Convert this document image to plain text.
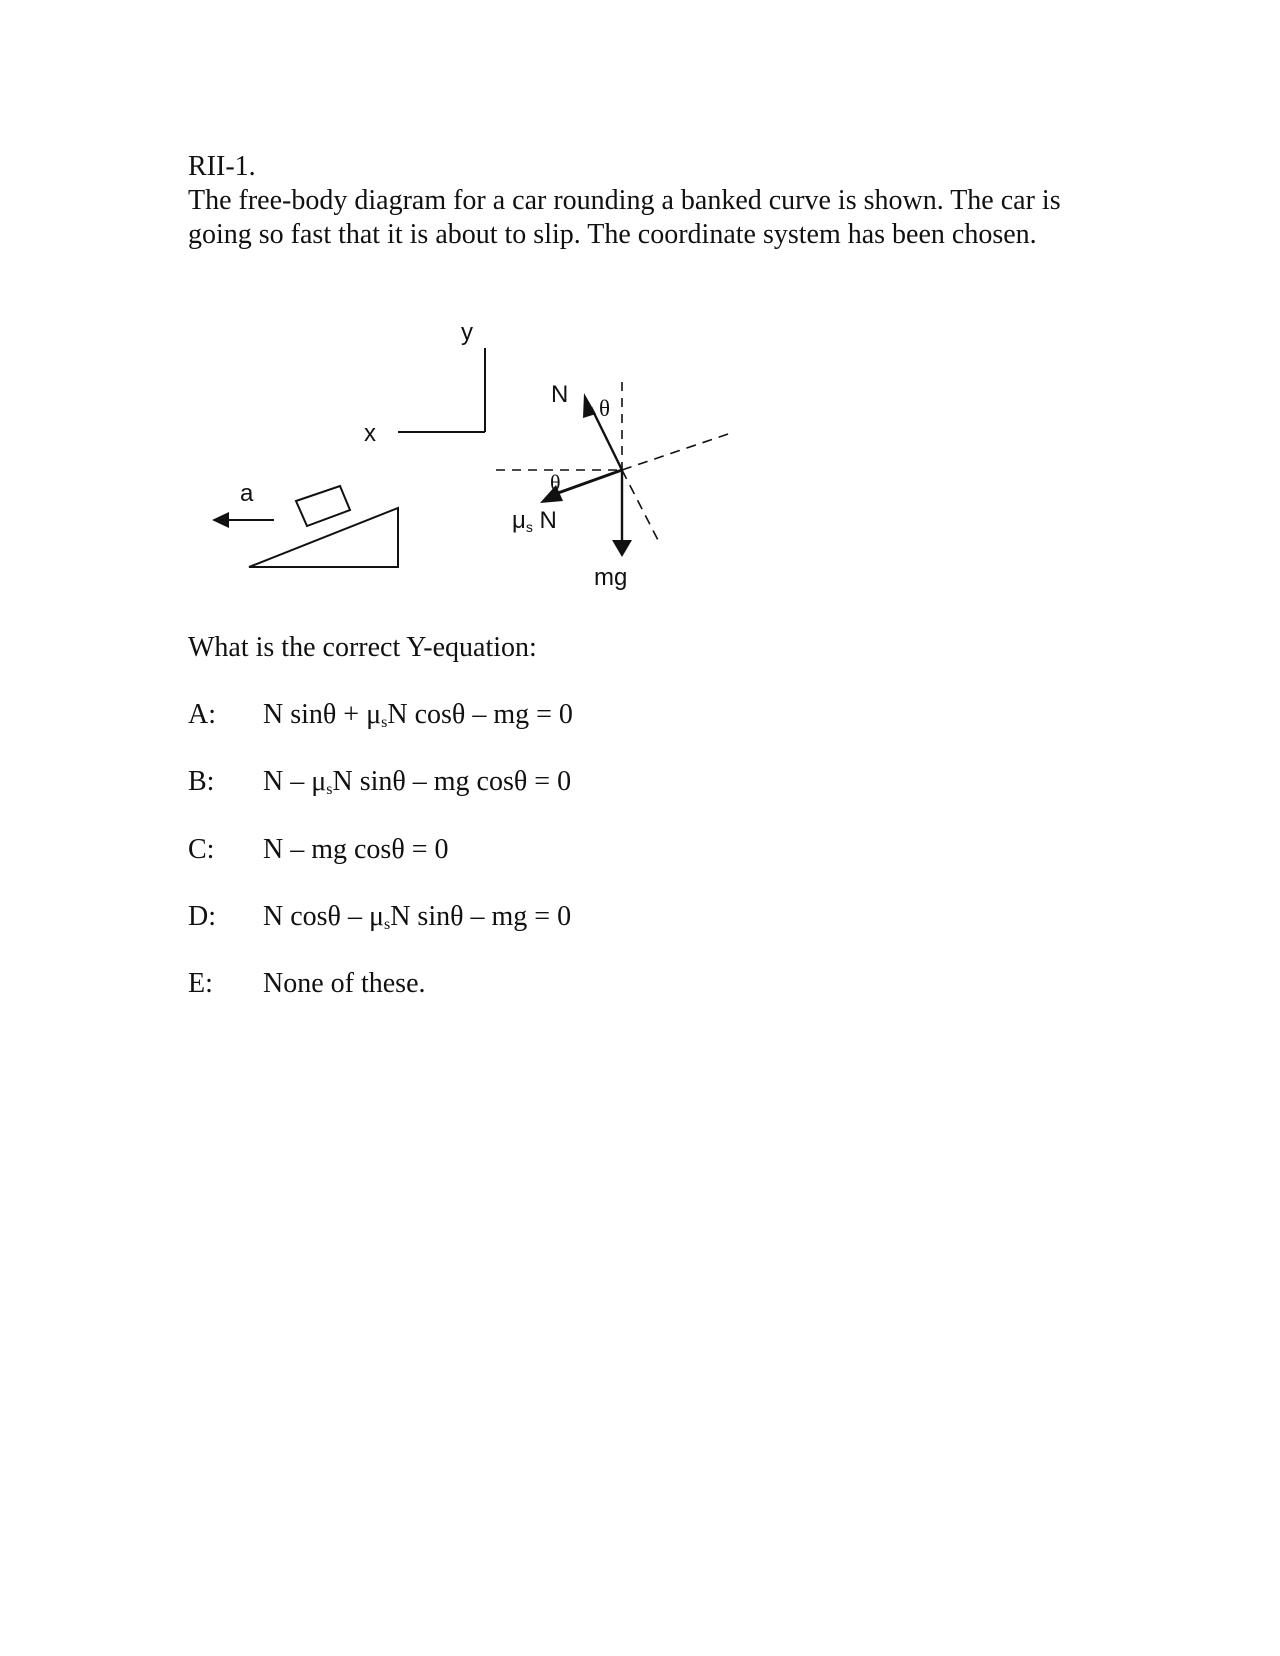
RII-1.
The free-body diagram for a car rounding a banked curve is shown. The car is going so fast that it is about to slip. The coordinate system has been chosen.
y
x
a
N
θ
θ
μs N
mg
What is the correct Y-equation:
A: N $\sin\theta + \mu_sN$ cosθ – mg = 0
B: N – $\mu_sN$ sinθ – mg cosθ = 0
C: N – mg cosθ = 0
D: N cosθ – $\mu_sN$ sinθ – mg = 0
E: None of these.
